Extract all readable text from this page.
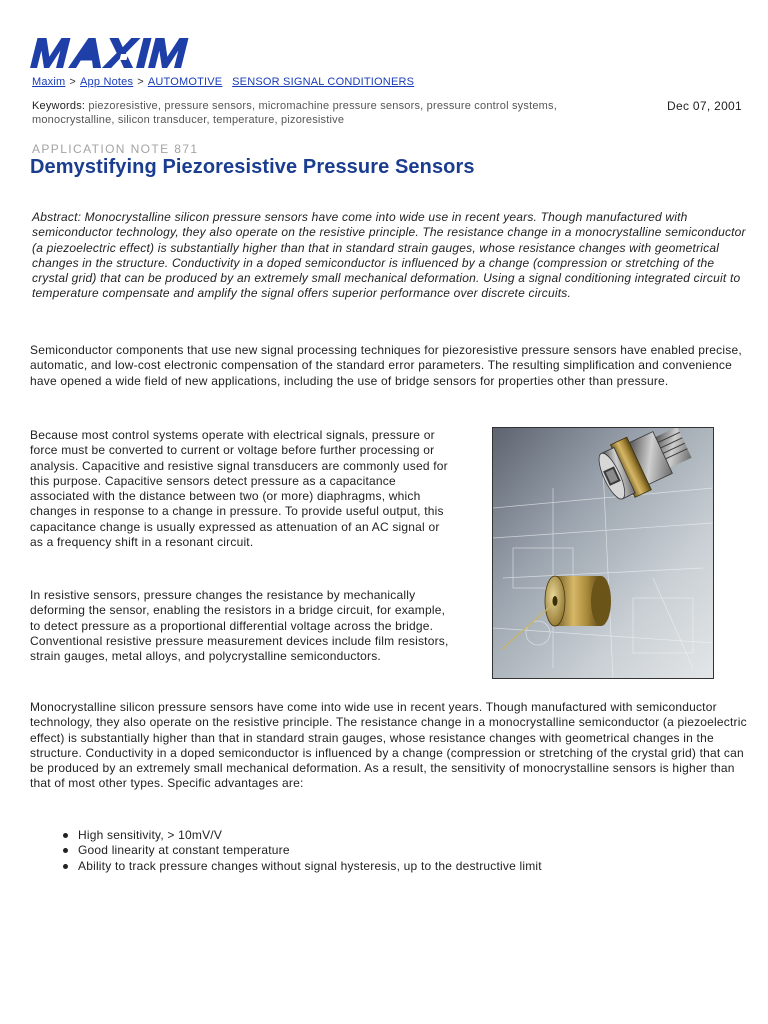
Maxim > App Notes > AUTOMOTIVE SENSOR SIGNAL CONDITIONERS
Keywords: piezoresistive, pressure sensors, micromachine pressure sensors, pressure control systems, monocrystalline, silicon transducer, temperature, pizoresistive
Dec 07, 2001
APPLICATION NOTE 871
Demystifying Piezoresistive Pressure Sensors

Abstract: Monocrystalline silicon pressure sensors have come into wide use in recent years. Though manufactured with semiconductor technology, they also operate on the resistive principle. The resistance change in a monocrystalline semiconductor (a piezoelectric effect) is substantially higher than that in standard strain gauges, whose resistance changes with geometrical changes in the structure. Conductivity in a doped semiconductor is influenced by a change (compression or stretching of the crystal grid) that can be produced by an extremely small mechanical deformation. Using a signal conditioning integrated circuit to temperature compensate and amplify the signal offers superior performance over discrete circuits.

Semiconductor components that use new signal processing techniques for piezoresistive pressure sensors have enabled precise, automatic, and low-cost electronic compensation of the standard error parameters. The resulting simplification and convenience have opened a wide field of new applications, including the use of bridge sensors for properties other than pressure.

Because most control systems operate with electrical signals, pressure or force must be converted to current or voltage before further processing or analysis. Capacitive and resistive signal transducers are commonly used for this purpose. Capacitive sensors detect pressure as a capacitance associated with the distance between two (or more) diaphragms, which changes in response to a change in pressure. To provide useful output, this capacitance change is usually expressed as attenuation of an AC signal or as a frequency shift in a resonant circuit.

In resistive sensors, pressure changes the resistance by mechanically deforming the sensor, enabling the resistors in a bridge circuit, for example, to detect pressure as a proportional differential voltage across the bridge. Conventional resistive pressure measurement devices include film resistors, strain gauges, metal alloys, and polycrystalline semiconductors.

Monocrystalline silicon pressure sensors have come into wide use in recent years. Though manufactured with semiconductor technology, they also operate on the resistive principle. The resistance change in a monocrystalline semiconductor (a piezoelectric effect) is substantially higher than that in standard strain gauges, whose resistance changes with geometrical changes in the structure. Conductivity in a doped semiconductor is influenced by a change (compression or stretching of the crystal grid) that can be produced by an extremely small mechanical deformation. As a result, the sensitivity of monocrystalline sensors is higher than that of most other types. Specific advantages are:

High sensitivity, > 10mV/V
Good linearity at constant temperature
Ability to track pressure changes without signal hysteresis, up to the destructive limit
